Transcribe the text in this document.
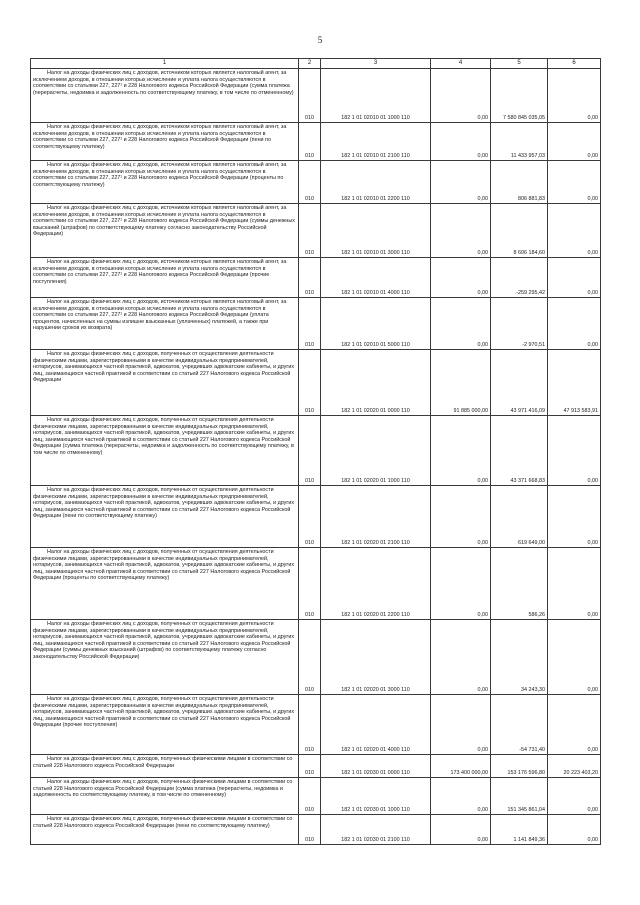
5
1	2	3	4	5	6

Налог на доходы физических лиц с доходов, источником которых является налоговый агент, за исключением доходов, в отношении которых исчисление и уплата налога осуществляются в соответствии со статьями 227, 227¹ и 228 Налогового кодекса Российской Федерации (сумма платежа (перерасчеты, недоимка и задолженность по соответствующему платежу, в том числе по отмененному)	010	182 1 01 02010 01 1000 110	0,00	7 580 845 035,05	0,00

Налог на доходы физических лиц с доходов, источником которых является налоговый агент, за исключением доходов, в отношении которых исчисление и уплата налога осуществляются в соответствии со статьями 227, 227¹ и 228 Налогового кодекса Российской Федерации (пени по соответствующему платежу)	010	182 1 01 02010 01 2100 110	0,00	11 433 957,03	0,00

Налог на доходы физических лиц с доходов, источником которых является налоговый агент, за исключением доходов, в отношении которых исчисление и уплата налога осуществляются в соответствии со статьями 227, 227¹ и 228 Налогового кодекса Российской Федерации (проценты по соответствующему платежу)	010	182 1 01 02010 01 2200 110	0,00	806 881,83	0,00

Налог на доходы физических лиц с доходов, источником которых является налоговый агент, за исключением доходов, в отношении которых исчисление и уплата налога осуществляются в соответствии со статьями 227, 227¹ и 228 Налогового кодекса Российской Федерации (суммы денежных взысканий (штрафов) по соответствующему платежу согласно законодательству Российской Федерации)	010	182 1 01 02010 01 3000 110	0,00	8 606 184,60	0,00

Налог на доходы физических лиц с доходов, источником которых является налоговый агент, за исключением доходов, в отношении которых исчисление и уплата налога осуществляются в соответствии со статьями 227, 227¹ и 228 Налогового кодекса Российской Федерации (прочие поступления)	010	182 1 01 02010 01 4000 110	0,00	-259 295,42	0,00

Налог на доходы физических лиц с доходов, источником которых является налоговый агент, за исключением доходов, в отношении которых исчисление и уплата налога осуществляются в соответствии со статьями 227, 227¹ и 228 Налогового кодекса Российской Федерации (уплата процентов, начисленных на суммы излишне взысканных (уплаченных) платежей, а также при нарушении сроков их возврата)	010	182 1 01 02010 01 5000 110	0,00	-2 970,51	0,00

Налог на доходы физических лиц с доходов, полученных от осуществления деятельности физическими лицами, зарегистрированными в качестве индивидуальных предпринимателей, нотариусов, занимающихся частной практикой, адвокатов, учредивших адвокатские кабинеты, и других лиц, занимающихся частной практикой в соответствии со статьей 227 Налогового кодекса Российской Федерации	010	182 1 01 02020 01 0000 110	91 885 000,00	43 971 416,09	47 913 583,91

Налог на доходы физических лиц с доходов, полученных от осуществления деятельности физическими лицами, зарегистрированными в качестве индивидуальных предпринимателей, нотариусов, занимающихся частной практикой, адвокатов, учредивших адвокатские кабинеты, и других лиц, занимающихся частной практикой в соответствии со статьей 227 Налогового кодекса Российской Федерации (сумма платежа (перерасчеты, недоимка и задолженность по соответствующему платежу, в том числе по отмененному)	010	182 1 01 02020 01 1000 110	0,00	43 371 668,83	0,00

Налог на доходы физических лиц с доходов, полученных от осуществления деятельности физическими лицами, зарегистрированными в качестве индивидуальных предпринимателей, нотариусов, занимающихся частной практикой, адвокатов, учредивших адвокатские кабинеты, и других лиц, занимающихся частной практикой в соответствии со статьей 227 Налогового кодекса Российской Федерации (пени по соответствующему платежу)	010	182 1 01 02020 01 2100 110	0,00	619 649,00	0,00

Налог на доходы физических лиц с доходов, полученных от осуществления деятельности физическими лицами, зарегистрированными в качестве индивидуальных предпринимателей, нотариусов, занимающихся частной практикой, адвокатов, учредивших адвокатские кабинеты, и других лиц, занимающихся частной практикой в соответствии со статьей 227 Налогового кодекса Российской Федерации (проценты по соответствующему платежу)	010	182 1 01 02020 01 2200 110	0,00	586,26	0,00

Налог на доходы физических лиц с доходов, полученных от осуществления деятельности физическими лицами, зарегистрированными в качестве индивидуальных предпринимателей, нотариусов, занимающихся частной практикой, адвокатов, учредивших адвокатские кабинеты, и других лиц, занимающихся частной практикой в соответствии со статьей 227 Налогового кодекса Российской Федерации (суммы денежных взысканий (штрафов) по соответствующему платежу согласно законодательству Российской Федерации)	010	182 1 01 02020 01 3000 110	0,00	34 243,30	0,00

Налог на доходы физических лиц с доходов, полученных от осуществления деятельности физическими лицами, зарегистрированными в качестве индивидуальных предпринимателей, нотариусов, занимающихся частной практикой, адвокатов, учредивших адвокатские кабинеты, и других лиц, занимающихся частной практикой в соответствии со статьей 227 Налогового кодекса Российской Федерации (прочие поступления)	010	182 1 01 02020 01 4000 110	0,00	-54 731,40	0,00

Налог на доходы физических лиц с доходов, полученных физическими лицами в соответствии со статьей 228 Налогового кодекса Российской Федерации	010	182 1 01 02030 01 0000 110	173 400 000,00	153 176 596,80	20 223 403,20

Налог на доходы физических лиц с доходов, полученных физическими лицами в соответствии со статьей 228 Налогового кодекса Российской Федерации (сумма платежа (перерасчеты, недоимка и задолженность по соответствующему платежу, в том числе по отмененному)	010	182 1 01 02030 01 1000 110	0,00	151 345 861,04	0,00

Налог на доходы физических лиц с доходов, полученных физическими лицами в соответствии со статьей 228 Налогового кодекса Российской Федерации (пени по соответствующему платежу)	010	182 1 01 02030 01 2100 110	0,00	1 141 849,36	0,00
